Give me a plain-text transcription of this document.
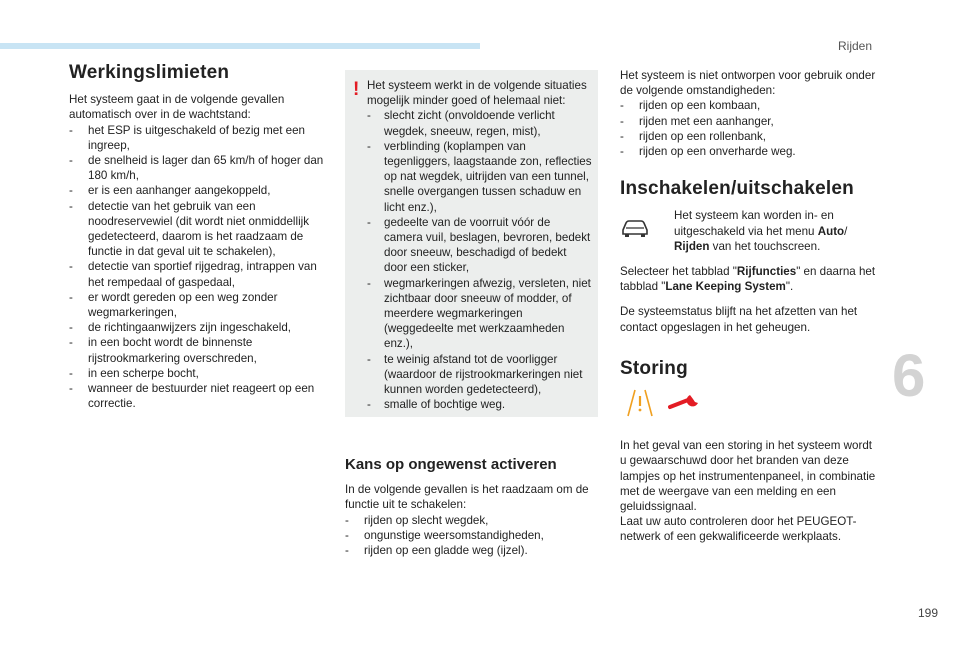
Rijden
6
199
Werkingslimieten

Het systeem gaat in de volgende gevallen automatisch over in de wachtstand:

- het ESP is uitgeschakeld of bezig met een ingreep,
- de snelheid is lager dan 65 km/h of hoger dan 180 km/h,
- er is een aanhanger aangekoppeld,
- detectie van het gebruik van een noodreservewiel (dit wordt niet onmiddellijk gedetecteerd, daarom is het raadzaam de functie in dat geval uit te schakelen),
- detectie van sportief rijgedrag, intrappen van het rempedaal of gaspedaal,
- er wordt gereden op een weg zonder wegmarkeringen,
- de richtingaanwijzers zijn ingeschakeld,
- in een bocht wordt de binnenste rijstrookmarkering overschreden,
- in een scherpe bocht,
- wanneer de bestuurder niet reageert op een correctie.
! Het systeem werkt in de volgende situaties mogelijk minder goed of helemaal niet:

- slecht zicht (onvoldoende verlicht wegdek, sneeuw, regen, mist),
- verblinding (koplampen van tegenliggers, laagstaande zon, reflecties op nat wegdek, uitrijden van een tunnel, snelle overgangen tussen schaduw en licht enz.),
- gedeelte van de voorruit vóór de camera vuil, beslagen, bevroren, bedekt door sneeuw, beschadigd of bedekt door een sticker,
- wegmarkeringen afwezig, versleten, niet zichtbaar door sneeuw of modder, of meerdere wegmarkeringen (weggedeelte met werkzaamheden enz.),
- te weinig afstand tot de voorligger (waardoor de rijstrookmarkeringen niet kunnen worden gedetecteerd),
- smalle of bochtige weg.
Kans op ongewenst activeren

In de volgende gevallen is het raadzaam om de functie uit te schakelen:

- rijden op slecht wegdek,
- ongunstige weersomstandigheden,
- rijden op een gladde weg (ijzel).

Het systeem is niet ontworpen voor gebruik onder de volgende omstandigheden:

- rijden op een kombaan,
- rijden met een aanhanger,
- rijden op een rollenbank,
- rijden op een onverharde weg.
Inschakelen/uitschakelen
Het systeem kan worden in- en uitgeschakeld via het menu Auto/ Rijden van het touchscreen.

Selecteer het tabblad "Rijfuncties" en daarna het tabblad "Lane Keeping System".

De systeemstatus blijft na het afzetten van het contact opgeslagen in het geheugen.

Storing

In het geval van een storing in het systeem wordt u gewaarschuwd door het branden van deze lampjes op het instrumentenpaneel, in combinatie met de weergave van een melding en een geluidssignaal.

Laat uw auto controleren door het PEUGEOT-netwerk of een gekwalificeerde werkplaats.
